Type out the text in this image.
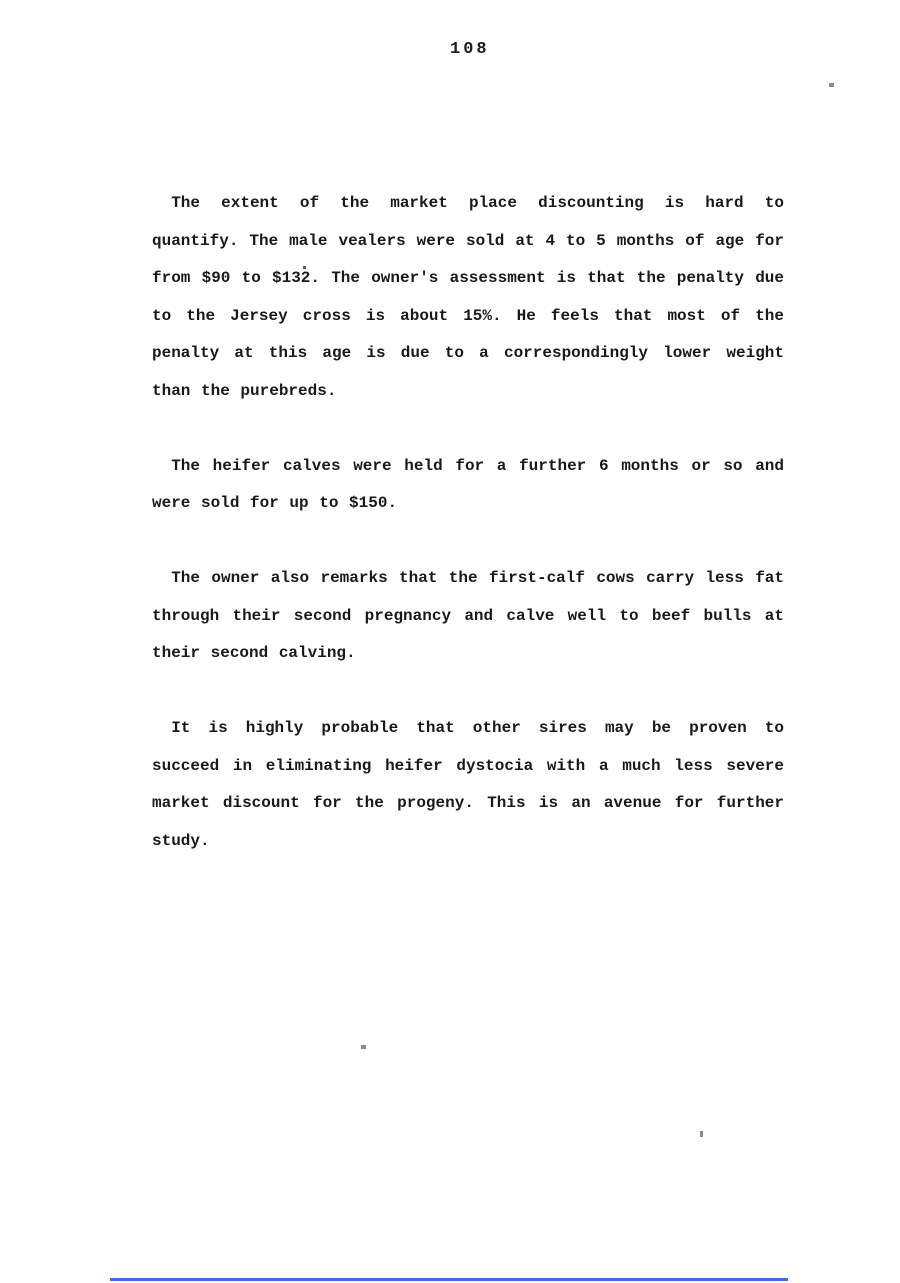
108

The extent of the market place discounting is hard to quantify. The male vealers were sold at 4 to 5 months of age for from $90 to $132. The owner's assessment is that the penalty due to the Jersey cross is about 15%. He feels that most of the penalty at this age is due to a correspondingly lower weight than the purebreds.

The heifer calves were held for a further 6 months or so and were sold for up to $150.

The owner also remarks that the first-calf cows carry less fat through their second pregnancy and calve well to beef bulls at their second calving.

It is highly probable that other sires may be proven to succeed in eliminating heifer dystocia with a much less severe market discount for the progeny. This is an avenue for further study.
